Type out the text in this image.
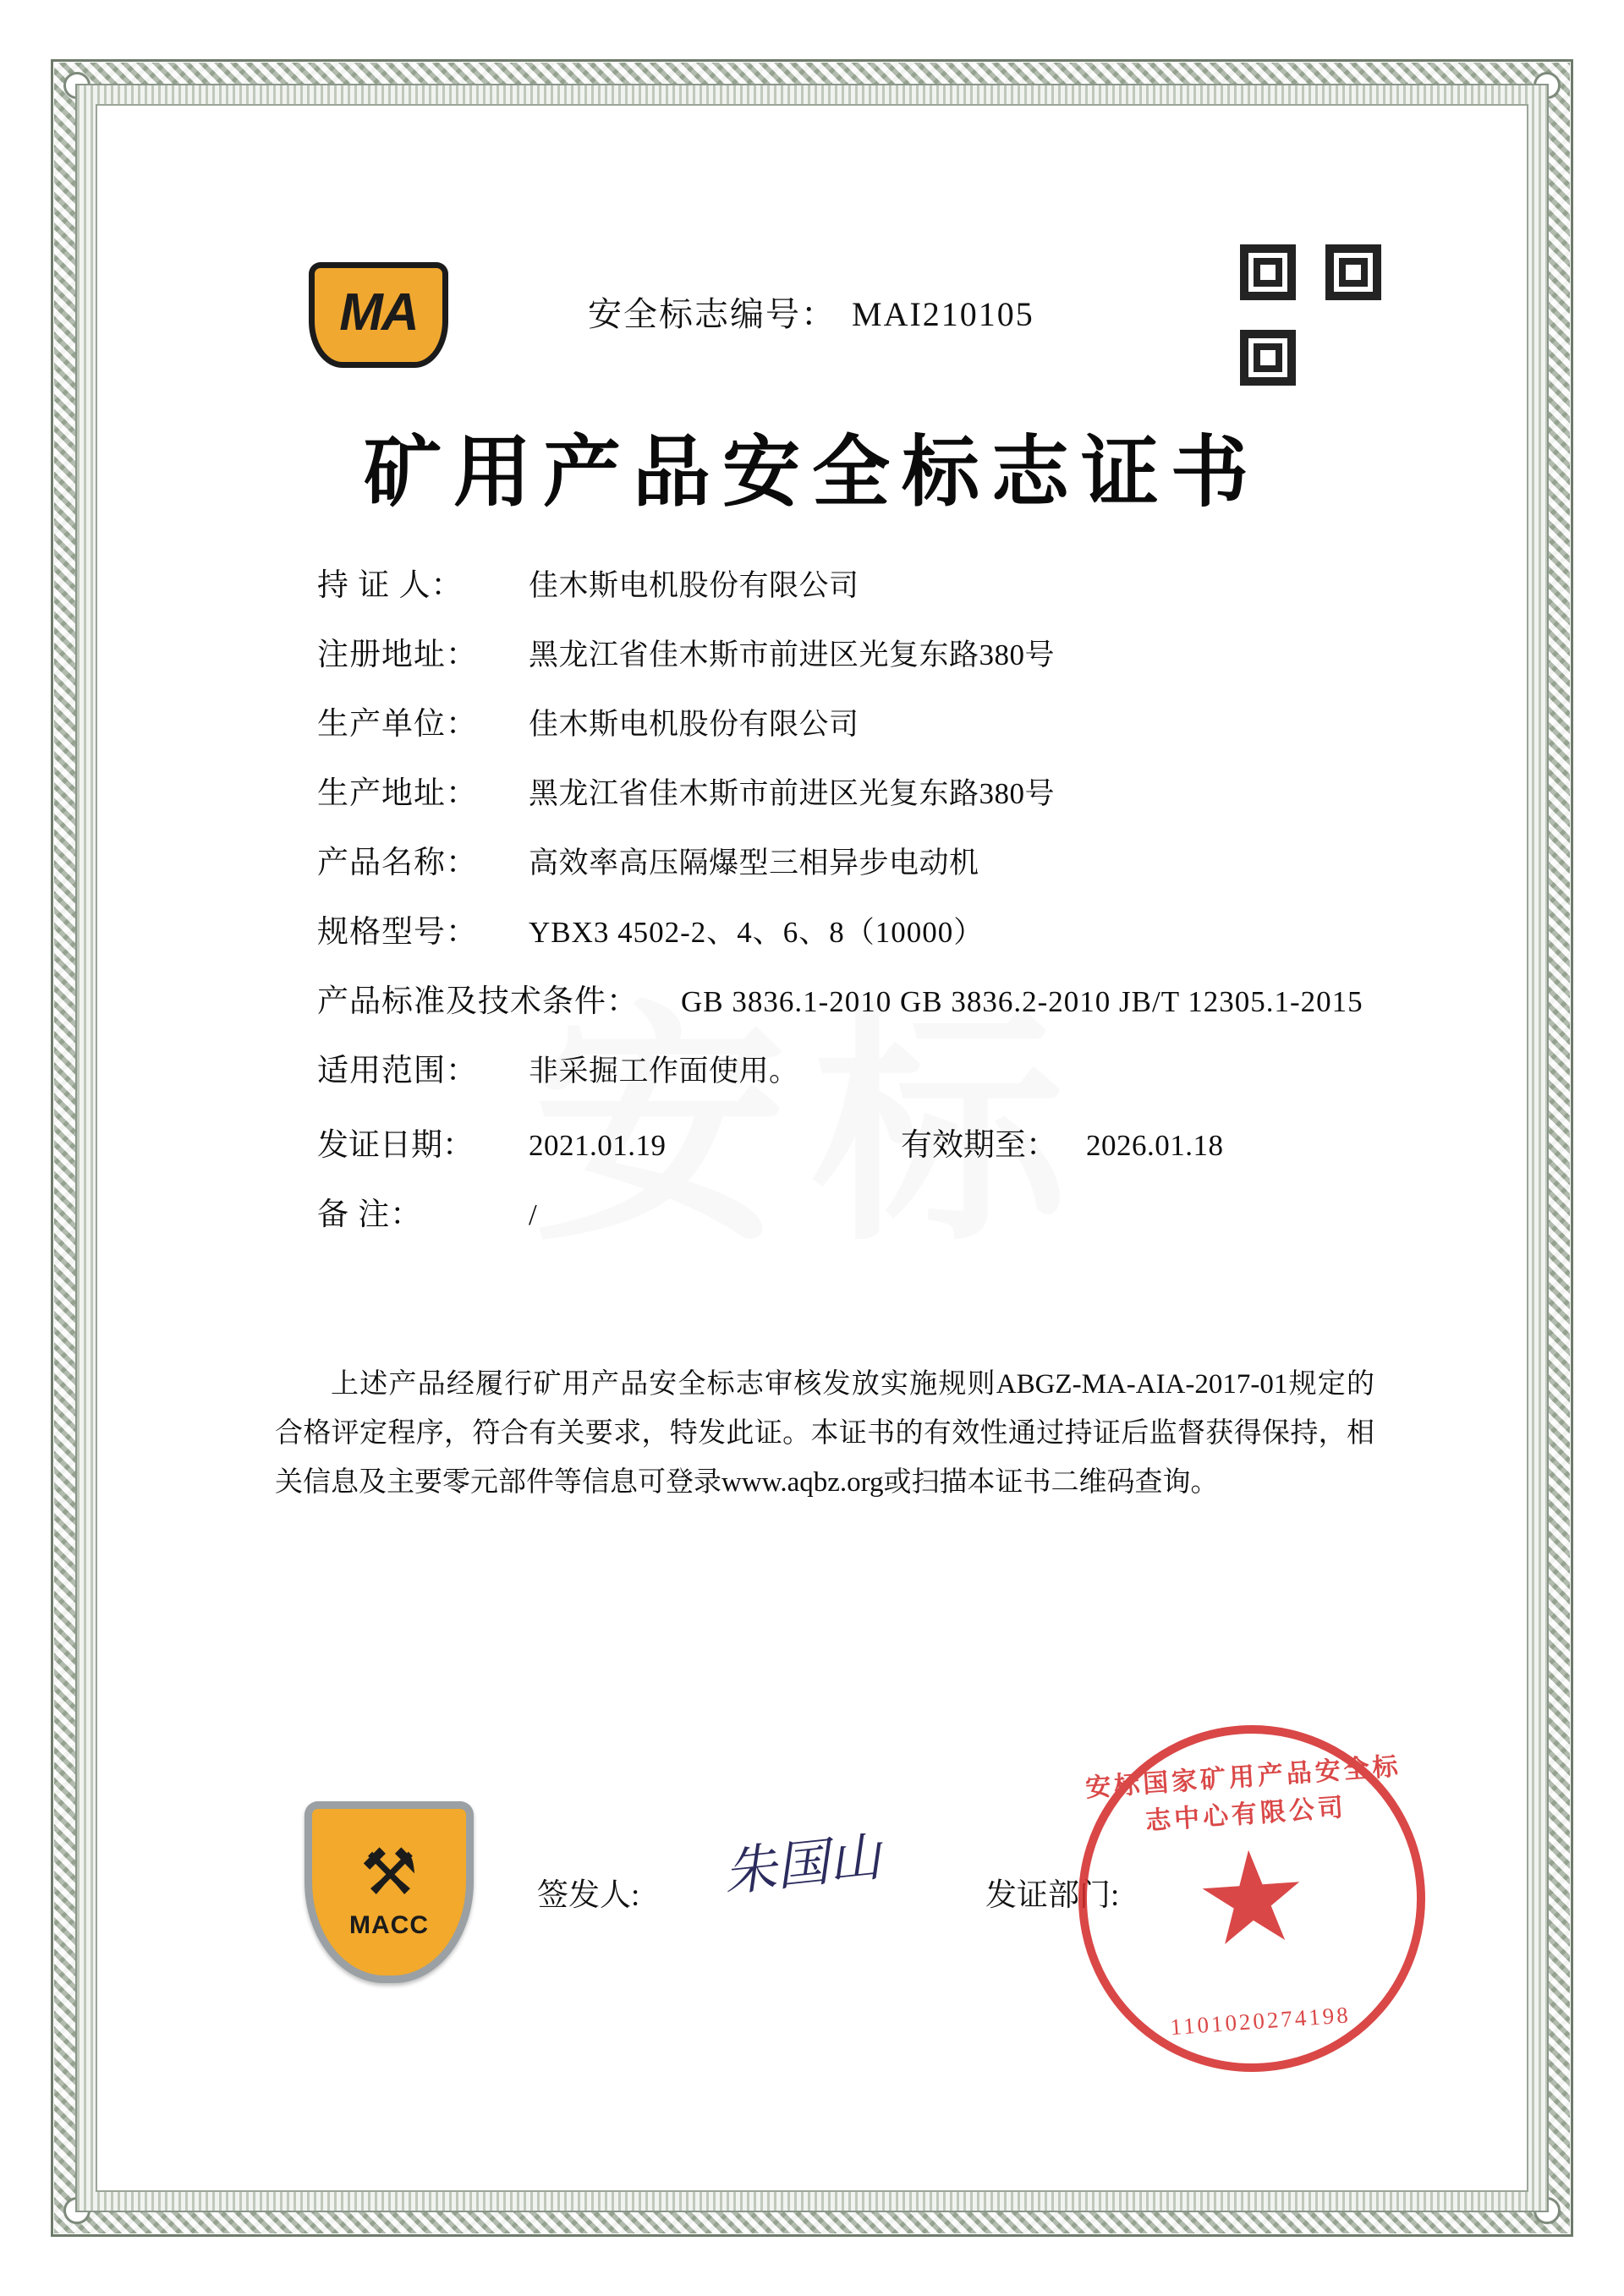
MA	安全标志编号： MAI210105
矿用产品安全标志证书
持 证 人：	佳木斯电机股份有限公司
注册地址：	黑龙江省佳木斯市前进区光复东路380号
生产单位：	佳木斯电机股份有限公司
生产地址：	黑龙江省佳木斯市前进区光复东路380号
产品名称：	高效率高压隔爆型三相异步电动机
规格型号：	YBX3 4502-2、4、6、8（10000）
产品标准及技术条件：	GB 3836.1-2010 GB 3836.2-2010 JB/T 12305.1-2015
适用范围：	非采掘工作面使用。
发证日期：	2021.01.19	有效期至： 2026.01.18
备 注：	/

上述产品经履行矿用产品安全标志审核发放实施规则ABGZ-MA-AIA-2017-01规定的合格评定程序，符合有关要求，特发此证。本证书的有效性通过持证后监督获得保持，相关信息及主要零元部件等信息可登录www.aqbz.org或扫描本证书二维码查询。

⚒
MACC
签发人: 朱国山	发证部门:
安标国家矿用产品安全标志中心有限公司
★
1101020274198
